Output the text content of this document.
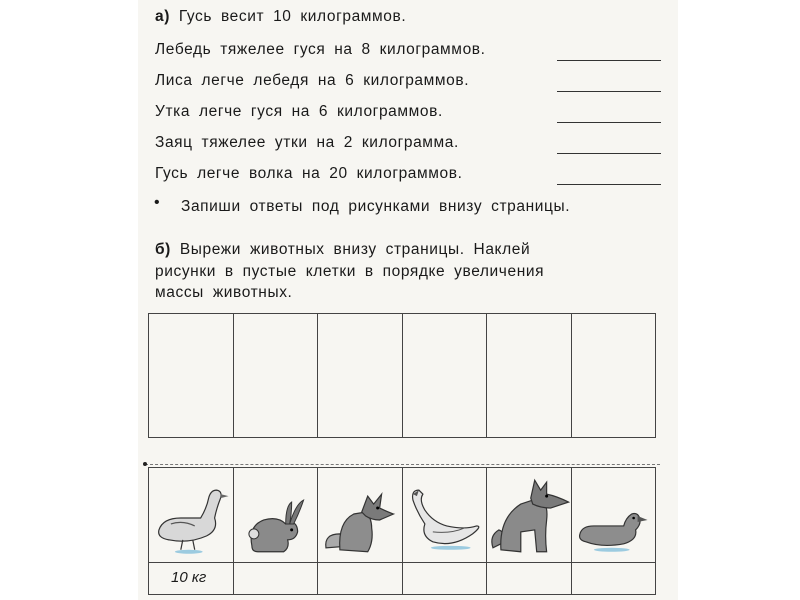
а) Гусь весит 10 килограммов.
Лебедь тяжелее гуся на 8 килограммов.
Лиса легче лебедя на 6 килограммов.
Утка легче гуся на 6 килограммов.
Заяц тяжелее утки на 2 килограмма.
Гусь легче волка на 20 килограммов.
• Запиши ответы под рисунками внизу страницы.
б) Вырежи животных внизу страницы. Наклей
рисунки в пустые клетки в порядке увеличения
массы животных.
10 кг
